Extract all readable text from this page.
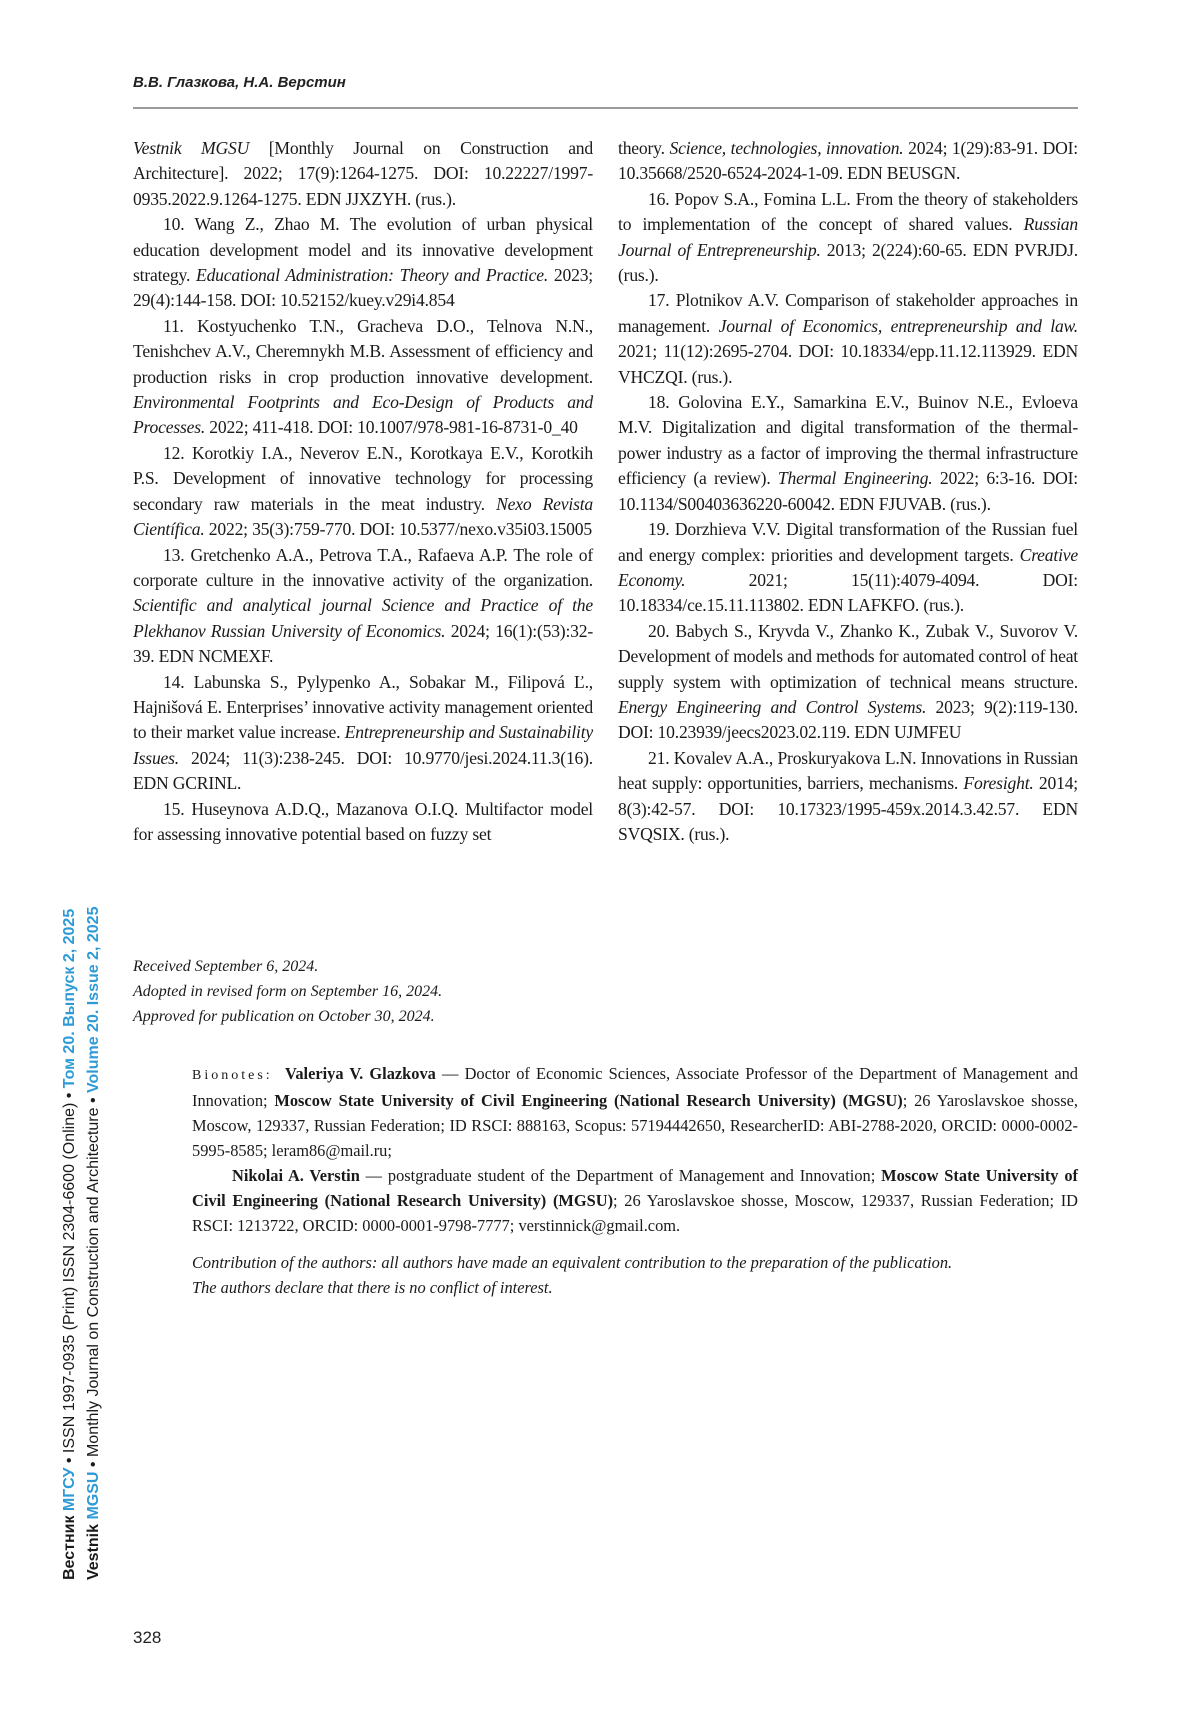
В.В. Глазкова, Н.А. Верстин

Vestnik MGSU [Monthly Journal on Construction and Architecture]. 2022; 17(9):1264-1275. DOI: 10.22227/1997-0935.2022.9.1264-1275. EDN JJXZYH. (rus.).

10. Wang Z., Zhao M. The evolution of urban physical education development model and its innovative development strategy. Educational Administration: Theory and Practice. 2023; 29(4):144-158. DOI: 10.52152/kuey.v29i4.854

11. Kostyuchenko T.N., Gracheva D.O., Telnova N.N., Tenishchev A.V., Cheremnykh M.B. Assessment of efficiency and production risks in crop production innovative development. Environmental Footprints and Eco-Design of Products and Processes. 2022; 411-418. DOI: 10.1007/978-981-16-8731-0_40

12. Korotkiy I.A., Neverov E.N., Korotkaya E.V., Korotkih P.S. Development of innovative technology for processing secondary raw materials in the meat industry. Nexo Revista Científica. 2022; 35(3):759-770. DOI: 10.5377/nexo.v35i03.15005

13. Gretchenko A.A., Petrova T.A., Rafaeva A.P. The role of corporate culture in the innovative activity of the organization. Scientific and analytical journal Science and Practice of the Plekhanov Russian University of Economics. 2024; 16(1):(53):32-39. EDN NCMEXF.

14. Labunska S., Pylypenko A., Sobakar M., Filipová Ľ., Hajnišová E. Enterprises’ innovative activity management oriented to their market value increase. Entrepreneurship and Sustainability Issues. 2024; 11(3):238-245. DOI: 10.9770/jesi.2024.11.3(16). EDN GCRINL.

15. Huseynova A.D.Q., Mazanova O.I.Q. Multifactor model for assessing innovative potential based on fuzzy set

theory. Science, technologies, innovation. 2024; 1(29):83-91. DOI: 10.35668/2520-6524-2024-1-09. EDN BEUSGN.

16. Popov S.A., Fomina L.L. From the theory of stakeholders to implementation of the concept of shared values. Russian Journal of Entrepreneurship. 2013; 2(224):60-65. EDN PVRJDJ. (rus.).

17. Plotnikov A.V. Comparison of stakeholder approaches in management. Journal of Economics, entrepreneurship and law. 2021; 11(12):2695-2704. DOI: 10.18334/epp.11.12.113929. EDN VHCZQI. (rus.).

18. Golovina E.Y., Samarkina E.V., Buinov N.E., Evloeva M.V. Digitalization and digital transformation of the thermal-power industry as a factor of improving the thermal infrastructure efficiency (a review). Thermal Engineering. 2022; 6:3-16. DOI: 10.1134/S00403636220-60042. EDN FJUVAB. (rus.).

19. Dorzhieva V.V. Digital transformation of the Russian fuel and energy complex: priorities and development targets. Creative Economy. 2021; 15(11):4079-4094. DOI: 10.18334/ce.15.11.113802. EDN LAFKFO. (rus.).

20. Babych S., Kryvda V., Zhanko K., Zubak V., Suvorov V. Development of models and methods for automated control of heat supply system with optimization of technical means structure. Energy Engineering and Control Systems. 2023; 9(2):119-130. DOI: 10.23939/jeecs2023.02.119. EDN UJMFEU

21. Kovalev A.A., Proskuryakova L.N. Innovations in Russian heat supply: opportunities, barriers, mechanisms. Foresight. 2014; 8(3):42-57. DOI: 10.17323/1995-459x.2014.3.42.57. EDN SVQSIX. (rus.).

Received September 6, 2024.
Adopted in revised form on September 16, 2024.
Approved for publication on October 30, 2024.

Bionotes: Valeriya V. Glazkova — Doctor of Economic Sciences, Associate Professor of the Department of Management and Innovation; Moscow State University of Civil Engineering (National Research University) (MGSU); 26 Yaroslavskoe shosse, Moscow, 129337, Russian Federation; ID RSCI: 888163, Scopus: 57194442650, ResearcherID: ABI-2788-2020, ORCID: 0000-0002-5995-8585; leram86@mail.ru;

Nikolai A. Verstin — postgraduate student of the Department of Management and Innovation; Moscow State University of Civil Engineering (National Research University) (MGSU); 26 Yaroslavskoe shosse, Moscow, 129337, Russian Federation; ID RSCI: 1213722, ORCID: 0000-0001-9798-7777; verstinnick@gmail.com.

Contribution of the authors: all authors have made an equivalent contribution to the preparation of the publication.
The authors declare that there is no conflict of interest.
Вестник МГСУ • ISSN 1997-0935 (Print) ISSN 2304-6600 (Online) • Том 20. Выпуск 2, 2025
Vestnik MGSU • Monthly Journal on Construction and Architecture • Volume 20. Issue 2, 2025
328
